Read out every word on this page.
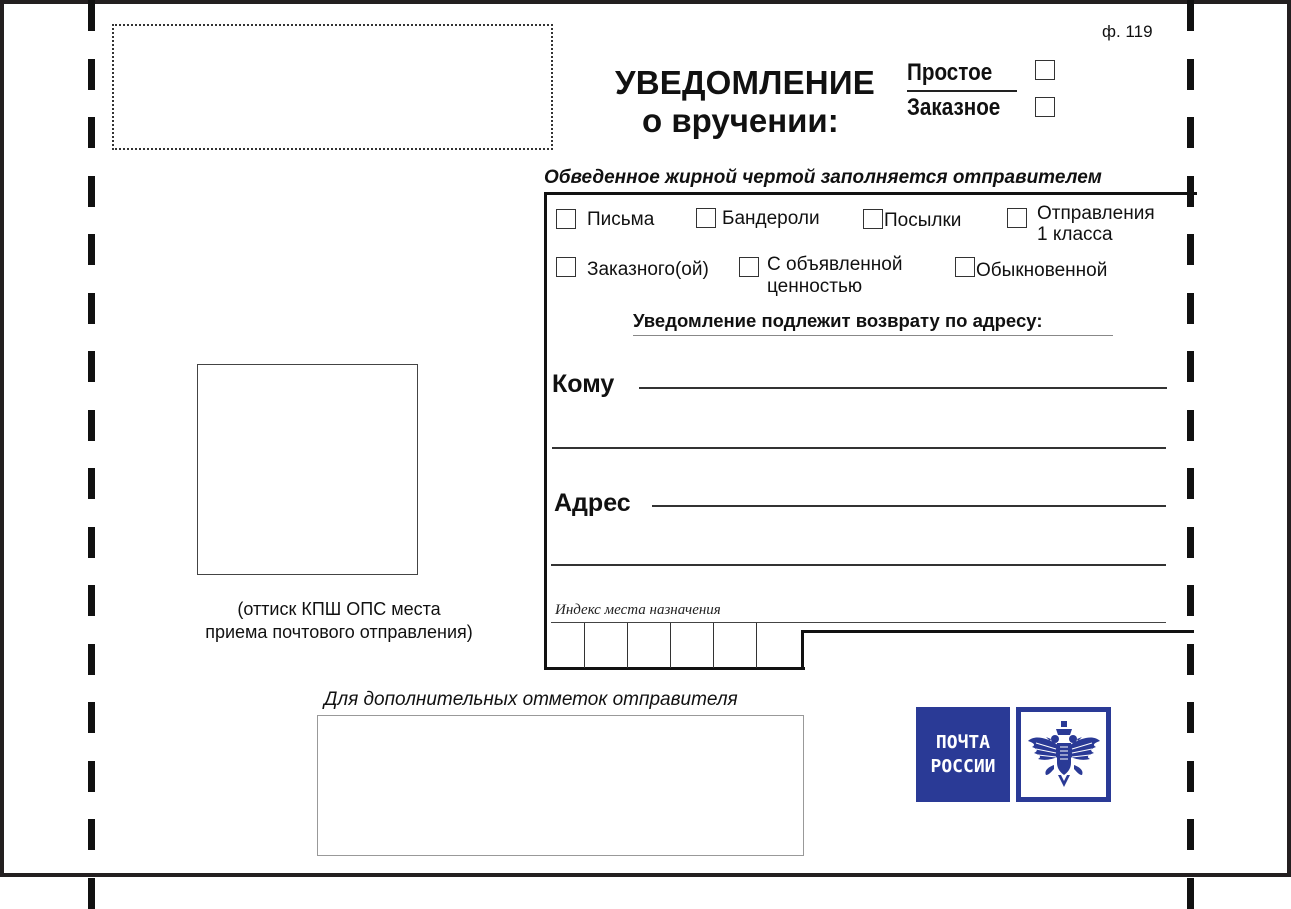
ф. 119
УВЕДОМЛЕНИЕ
о вручении:
Простое
Заказное
Обведенное жирной чертой заполняется отправителем
Письма	Бандероли	Посылки	Отправления
1 класса
Заказного(ой)	С объявленной
ценностью
Обыкновенной
Уведомление подлежит возврату по адресу:
Кому
Адрес
Индекс места назначения
(оттиск КПШ ОПС места
приема почтового отправления)
Для дополнительных отметок отправителя
ПОЧТА
РОССИИ
